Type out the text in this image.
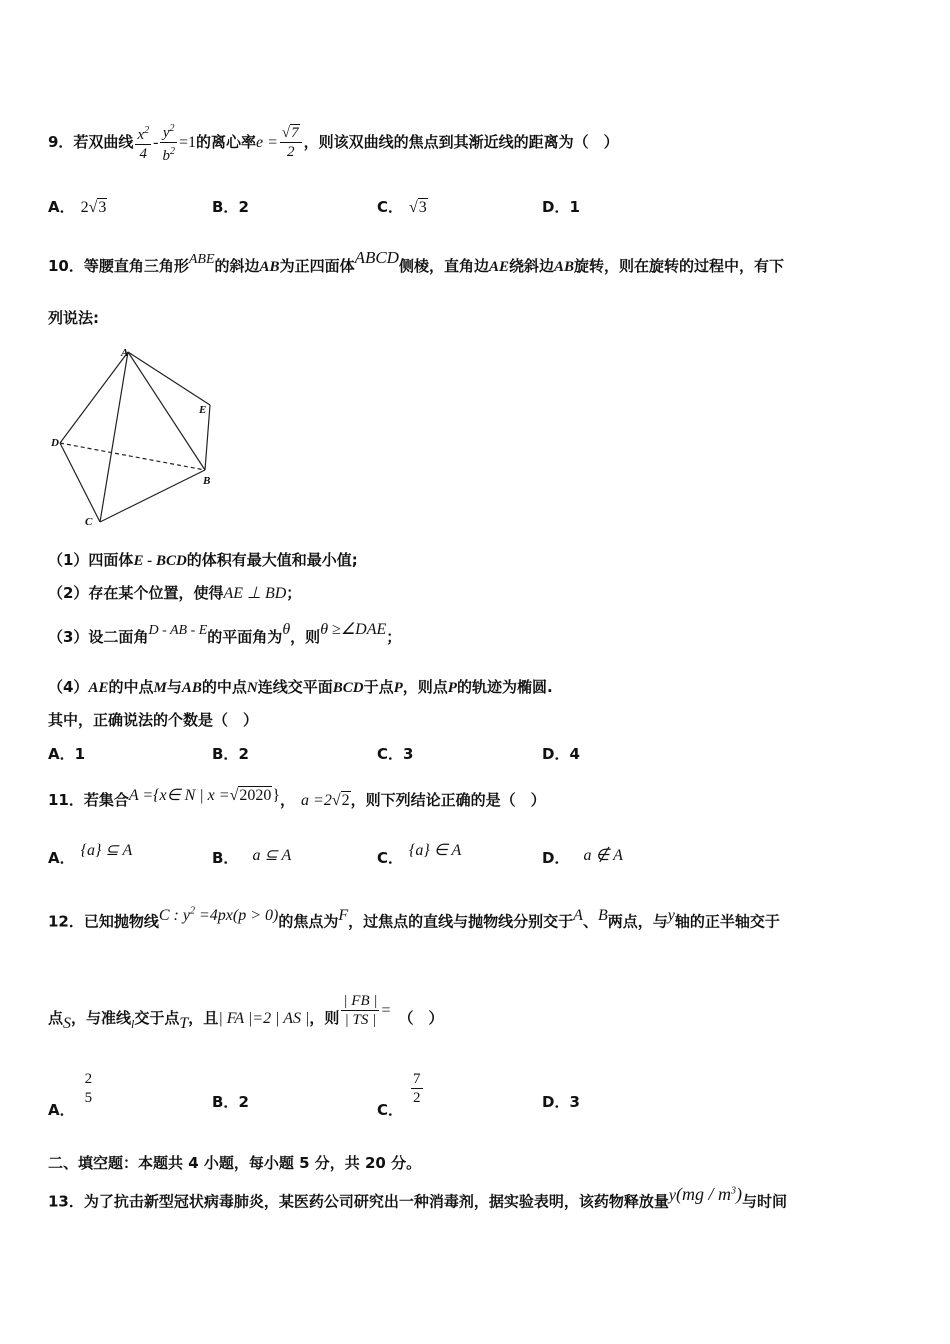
9．若双曲线 $\frac{x^2}{4} - \frac{y^2}{b^2} =1$的离心率$e = \frac{√7}{2}$ ，则该双曲线的焦点到其渐近线的距离为（　）
A． 2√3	B．2	C． √3	D．1
10．等腰直角三角形ABE的斜边AB为正四面体ABCD侧棱，直角边AE绕斜边AB旋转，则在旋转的过程中，有下
列说法:
A
E
D
B
C
（1）四面体E - BCD的体积有最大值和最小值;
（2）存在某个位置，使得AE ⊥ BD；
（3）设二面角D - AB - E的平面角为θ，则θ ≥∠DAE；
（4）AE的中点M与AB的中点N连线交平面BCD于点P，则点P的轨迹为椭圆.
其中，正确说法的个数是（　）
A．1	B．2	C．3	D．4
11．若集合A ={x∈ N | x =√2020}， a =2√2，则下列结论正确的是（　）
A． {a} ⊆ A	B． a ⊆ A	C． {a} ∈ A	D． a ∉ A
12．已知抛物线C : $y^2 =4px(p > 0)$的焦点为F，过焦点的直线与抛物线分别交于A、B两点，与y轴的正半轴交于
点S，与准线$_l$交于点T，且| FA |=2 | AS |，则 $\frac{| FB |}{| TS |}$ = （　）
A．
$\frac{2}{5}$	B．2	C．
$\frac{7}{2}$	D．3
二、填空题：本题共 4 小题，每小题 5 分，共 20 分。
13．为了抗击新型冠状病毒肺炎，某医药公司研究出一种消毒剂，据实验表明，该药物释放量$y(mg / m^3)$与时间
